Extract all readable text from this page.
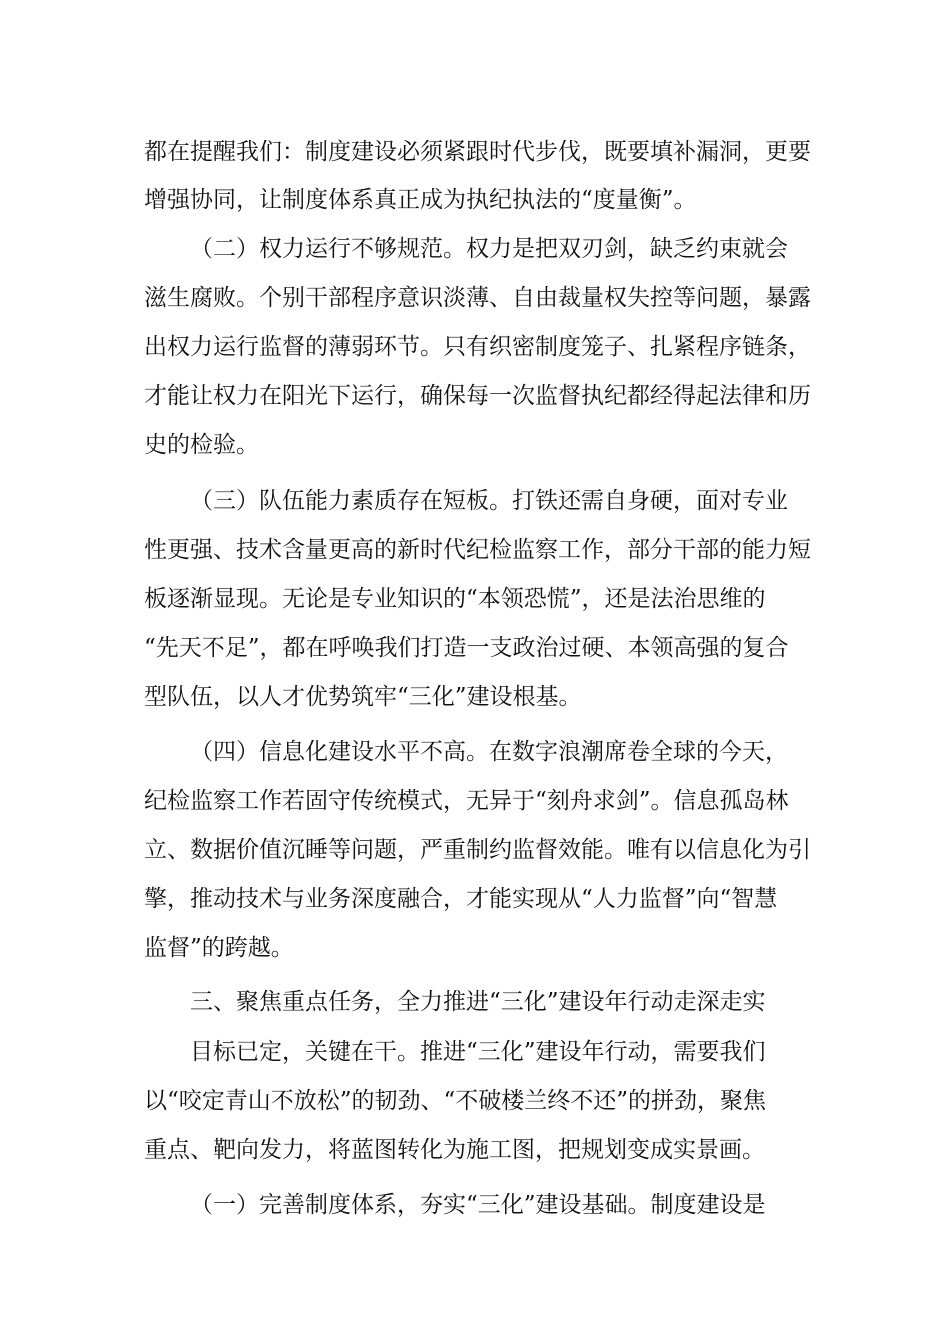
都在提醒我们：制度建设必须紧跟时代步伐，既要填补漏洞，更要
增强协同，让制度体系真正成为执纪执法的“度量衡”。
（二）权力运行不够规范。权力是把双刃剑，缺乏约束就会
滋生腐败。个别干部程序意识淡薄、自由裁量权失控等问题，暴露
出权力运行监督的薄弱环节。只有织密制度笼子、扎紧程序链条，
才能让权力在阳光下运行，确保每一次监督执纪都经得起法律和历
史的检验。
（三）队伍能力素质存在短板。打铁还需自身硬，面对专业
性更强、技术含量更高的新时代纪检监察工作，部分干部的能力短
板逐渐显现。无论是专业知识的“本领恐慌”，还是法治思维的
“先天不足”，都在呼唤我们打造一支政治过硬、本领高强的复合
型队伍，以人才优势筑牢“三化”建设根基。
（四）信息化建设水平不高。在数字浪潮席卷全球的今天，
纪检监察工作若固守传统模式，无异于“刻舟求剑”。信息孤岛林
立、数据价值沉睡等问题，严重制约监督效能。唯有以信息化为引
擎，推动技术与业务深度融合，才能实现从“人力监督”向“智慧
监督”的跨越。
三、聚焦重点任务，全力推进“三化”建设年行动走深走实
目标已定，关键在干。推进“三化”建设年行动，需要我们
以“咬定青山不放松”的韧劲、“不破楼兰终不还”的拼劲，聚焦
重点、靶向发力，将蓝图转化为施工图，把规划变成实景画。
（一）完善制度体系，夯实“三化”建设基础。制度建设是
